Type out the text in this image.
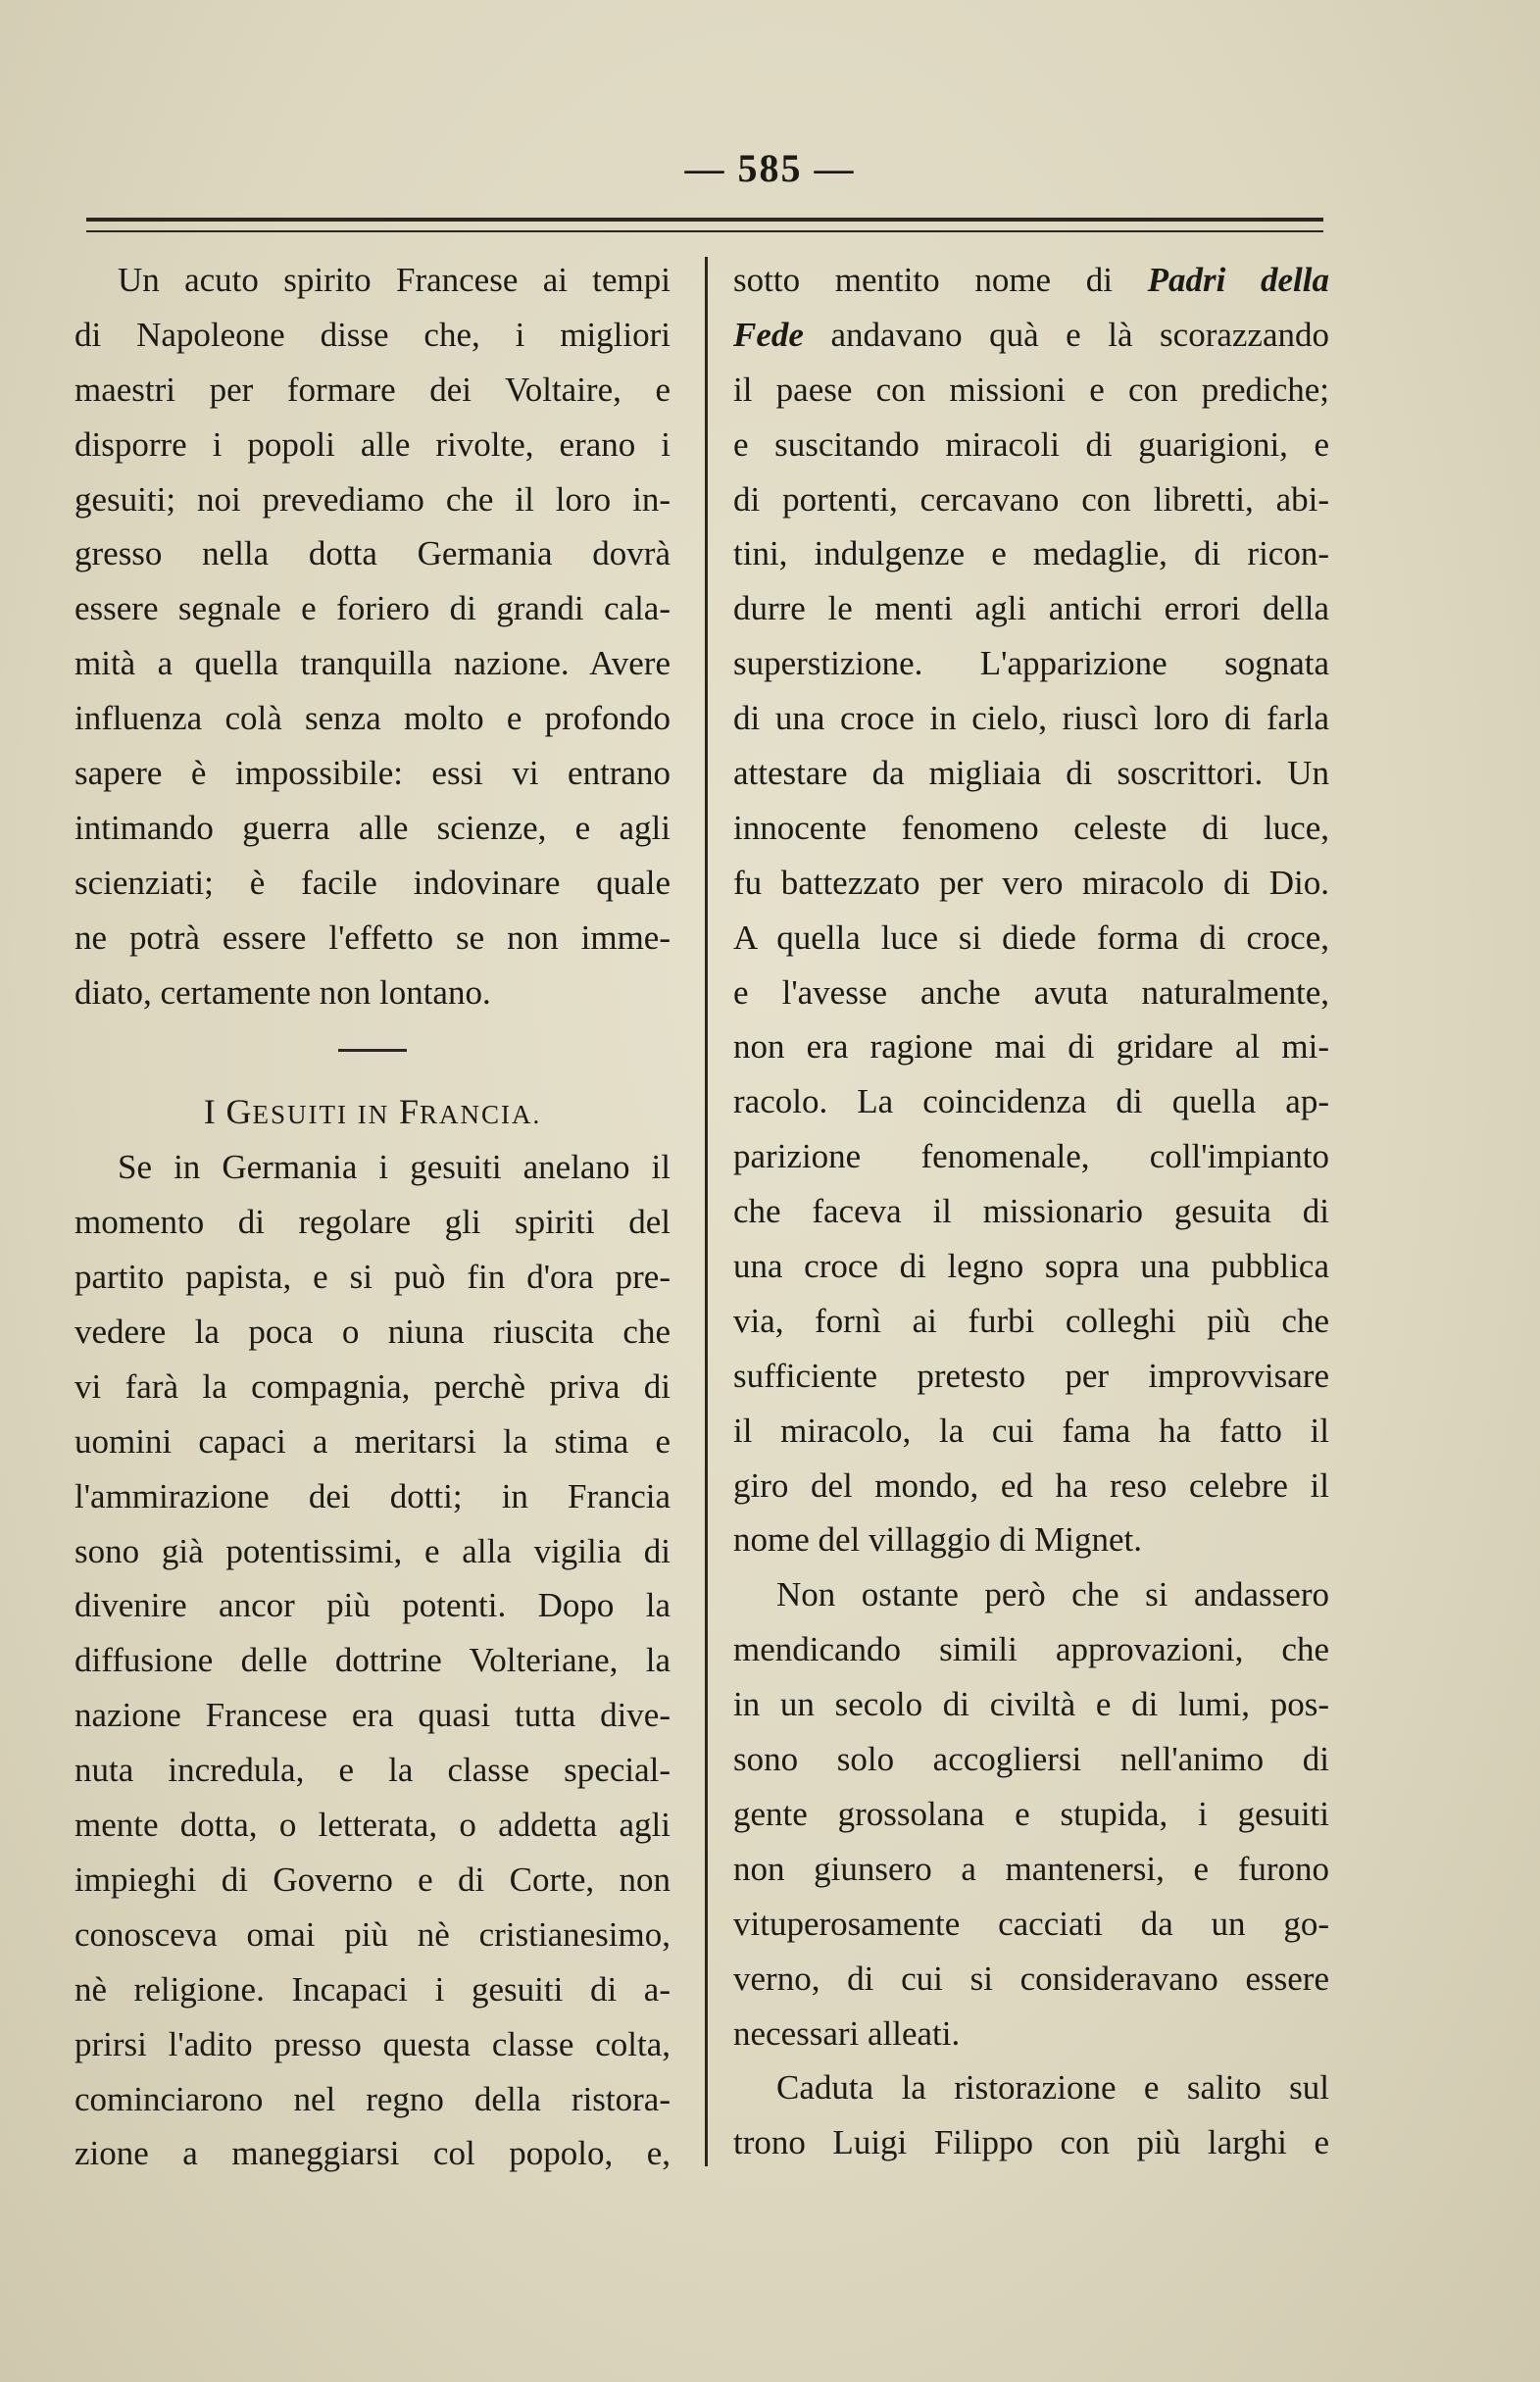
— 585 —
Un acuto spirito Francese ai tempi
di Napoleone disse che, i migliori
maestri per formare dei Voltaire, e
disporre i popoli alle rivolte, erano i
gesuiti; noi prevediamo che il loro in-
gresso nella dotta Germania dovrà
essere segnale e foriero di grandi cala-
mità a quella tranquilla nazione. Avere
influenza colà senza molto e profondo
sapere è impossibile: essi vi entrano
intimando guerra alle scienze, e agli
scienziati; è facile indovinare quale
ne potrà essere l'effetto se non imme-
diato, certamente non lontano.
I GESUITI IN FRANCIA.
Se in Germania i gesuiti anelano il
momento di regolare gli spiriti del
partito papista, e si può fin d'ora pre-
vedere la poca o niuna riuscita che
vi farà la compagnia, perchè priva di
uomini capaci a meritarsi la stima e
l'ammirazione dei dotti; in Francia
sono già potentissimi, e alla vigilia di
divenire ancor più potenti. Dopo la
diffusione delle dottrine Volteriane, la
nazione Francese era quasi tutta dive-
nuta incredula, e la classe special-
mente dotta, o letterata, o addetta agli
impieghi di Governo e di Corte, non
conosceva omai più nè cristianesimo,
nè religione. Incapaci i gesuiti di a-
prirsi l'adito presso questa classe colta,
cominciarono nel regno della ristora-
zione a maneggiarsi col popolo, e,
sotto mentito nome di Padri della
Fede andavano quà e là scorazzando
il paese con missioni e con prediche;
e suscitando miracoli di guarigioni, e
di portenti, cercavano con libretti, abi-
tini, indulgenze e medaglie, di ricon-
durre le menti agli antichi errori della
superstizione. L'apparizione sognata
di una croce in cielo, riuscì loro di farla
attestare da migliaia di soscrittori. Un
innocente fenomeno celeste di luce,
fu battezzato per vero miracolo di Dio.
A quella luce si diede forma di croce,
e l'avesse anche avuta naturalmente,
non era ragione mai di gridare al mi-
racolo. La coincidenza di quella ap-
parizione fenomenale, coll'impianto
che faceva il missionario gesuita di
una croce di legno sopra una pubblica
via, fornì ai furbi colleghi più che
sufficiente pretesto per improvvisare
il miracolo, la cui fama ha fatto il
giro del mondo, ed ha reso celebre il
nome del villaggio di Mignet.
Non ostante però che si andassero
mendicando simili approvazioni, che
in un secolo di civiltà e di lumi, pos-
sono solo accogliersi nell'animo di
gente grossolana e stupida, i gesuiti
non giunsero a mantenersi, e furono
vituperosamente cacciati da un go-
verno, di cui si consideravano essere
necessari alleati.
Caduta la ristorazione e salito sul
trono Luigi Filippo con più larghi e
